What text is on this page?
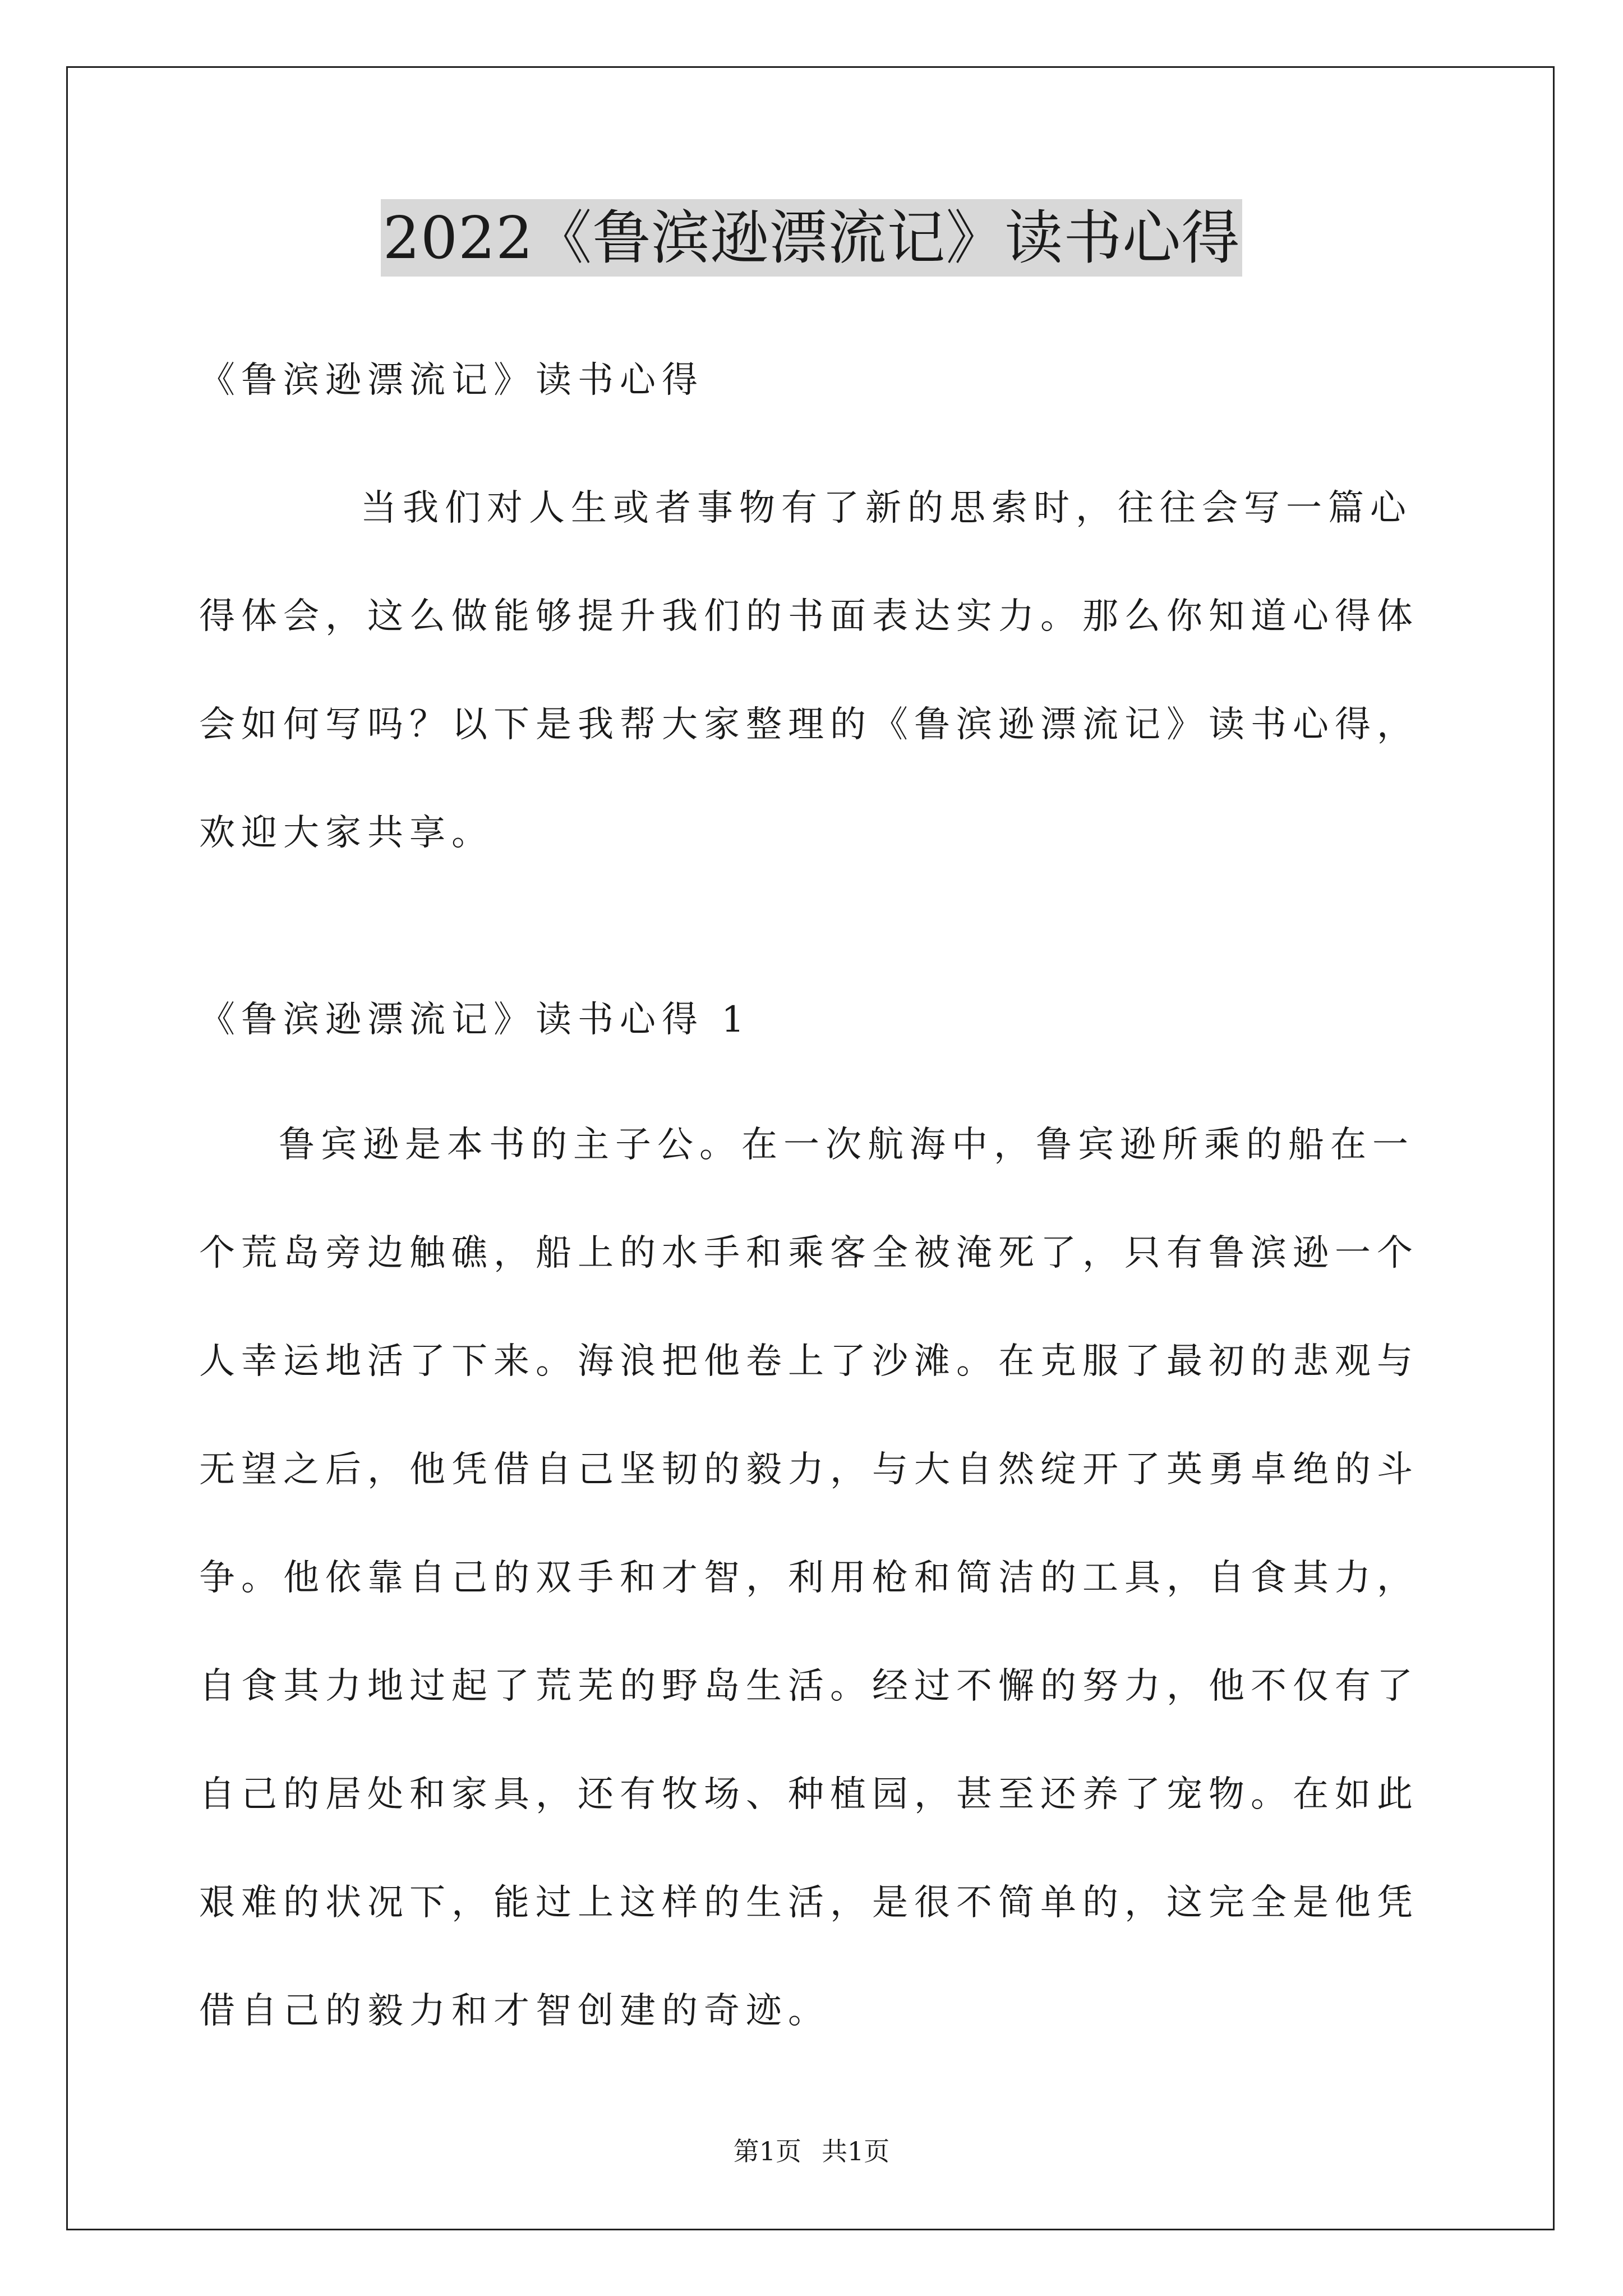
2022《鲁滨逊漂流记》读书心得
《鲁滨逊漂流记》读书心得
当我们对人生或者事物有了新的思索时，往往会写一篇心得体会，这么做能够提升我们的书面表达实力。那么你知道心得体会如何写吗？以下是我帮大家整理的《鲁滨逊漂流记》读书心得，欢迎大家共享。
《鲁滨逊漂流记》读书心得 1
鲁宾逊是本书的主子公。在一次航海中，鲁宾逊所乘的船在一个荒岛旁边触礁，船上的水手和乘客全被淹死了，只有鲁滨逊一个人幸运地活了下来。海浪把他卷上了沙滩。在克服了最初的悲观与无望之后，他凭借自己坚韧的毅力，与大自然绽开了英勇卓绝的斗争。他依靠自己的双手和才智，利用枪和简洁的工具，自食其力，自食其力地过起了荒芜的野岛生活。经过不懈的努力，他不仅有了自己的居处和家具，还有牧场、种植园，甚至还养了宠物。在如此艰难的状况下，能过上这样的生活，是很不简单的，这完全是他凭借自己的毅力和才智创建的奇迹。
第1页 共1页
